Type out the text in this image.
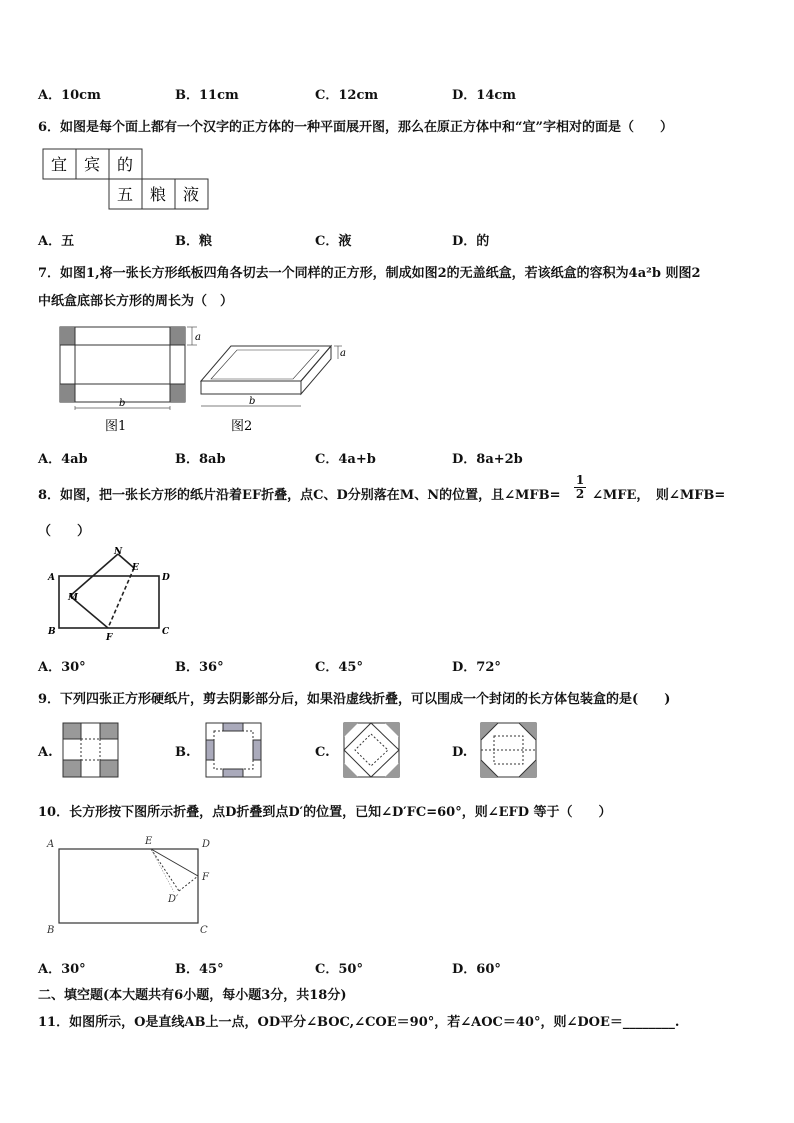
A．10cm	B．11cm	C．12cm	D．14cm
6．如图是每个面上都有一个汉字的正方体的一种平面展开图，那么在原正方体中和“宜”字相对的面是（　　）
宜 宾 的
五 粮 液
A．五	B．粮	C．液	D．的
7．如图1,将一张长方形纸板四角各切去一个同样的正方形，制成如图2的无盖纸盒，若该纸盒的容积为4a²b 则图2
中纸盒底部长方形的周长为（　）
a
b
图1
a
b
图2
A．4ab	B．8ab	C．4a+b	D．8a+2b
8．如图，把一张长方形的纸片沿着EF折叠，点C、D分别落在M、N的位置，且∠MFB= $\frac{1}{2}$ ∠MFE，　则∠MFB=
（　　）
A
B	C
D
E
F
M
N
A．30°	B．36°	C．45°	D．72°
9．下列四张正方形硬纸片，剪去阴影部分后，如果沿虚线折叠，可以围成一个封闭的长方体包装盒的是(　　)
A.	B.	C.	D.
10．长方形按下图所示折叠，点D折叠到点D′的位置，已知∠D′FC=60°，则∠EFD 等于（　　）
A
B	C
D
E
F
D′
A．30°	B．45°	C．50°	D．60°
二、填空题(本大题共有6小题，每小题3分，共18分)
11．如图所示，O是直线AB上一点，OD平分∠BOC,∠COE＝90°，若∠AOC＝40°，则∠DOE＝________.
